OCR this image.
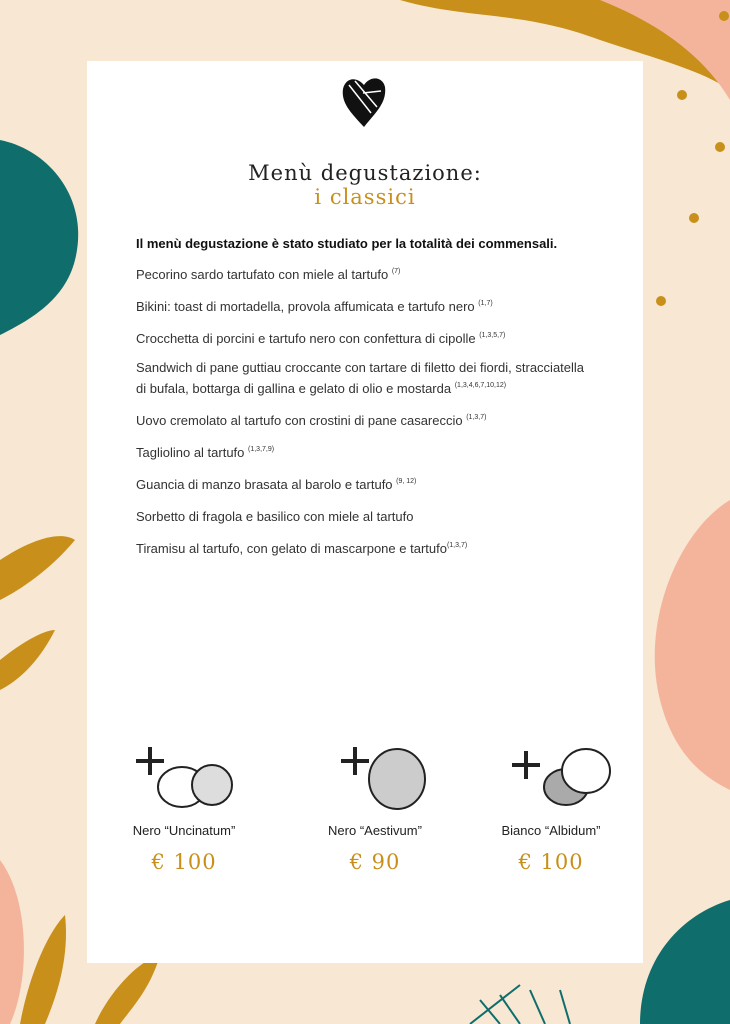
Menù degustazione:
i classici
Il menù degustazione è stato studiato per la totalità dei commensali.
Pecorino sardo tartufato con miele al tartufo $^{(7)}$
Bikini: toast di mortadella, provola affumicata e tartufo nero $^{(1,7)}$
Crocchetta di porcini e tartufo nero con confettura di cipolle $^{(1,3,5,7)}$
Sandwich di pane guttiau croccante con tartare di filetto dei fiordi, stracciatella di bufala, bottarga di gallina e gelato di olio e mostarda $^{(1,3,4,6,7,10,12)}$
Uovo cremolato al tartufo con crostini di pane casareccio $^{(1,3,7)}$
Tagliolino al tartufo $^{(1,3,7,9)}$
Guancia di manzo brasata al barolo e tartufo $^{(9, 12)}$
Sorbetto di fragola e basilico con miele al tartufo
Tiramisu al tartufo, con gelato di mascarpone e tartufo$^{(1,3,7)}$
Nero “Uncinatum”
€ 100
Nero “Aestivum”
€ 90
Bianco “Albidum”
€ 100
